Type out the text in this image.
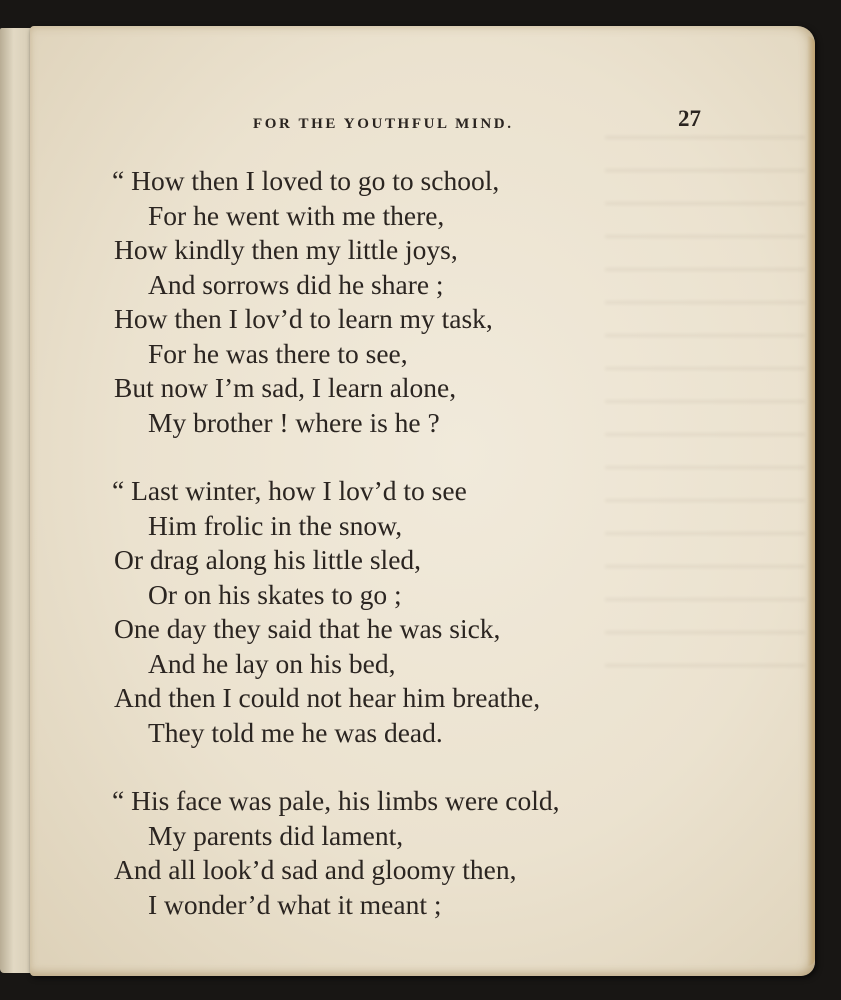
FOR THE YOUTHFUL MIND.	27
“ How then I loved to go to school,
For he went with me there,
How kindly then my little joys,
And sorrows did he share ;
How then I lov’d to learn my task,
For he was there to see,
But now I’m sad, I learn alone,
My brother ! where is he ?
“ Last winter, how I lov’d to see
Him frolic in the snow,
Or drag along his little sled,
Or on his skates to go ;
One day they said that he was sick,
And he lay on his bed,
And then I could not hear him breathe,
They told me he was dead.
“ His face was pale, his limbs were cold,
My parents did lament,
And all look’d sad and gloomy then,
I wonder’d what it meant ;
